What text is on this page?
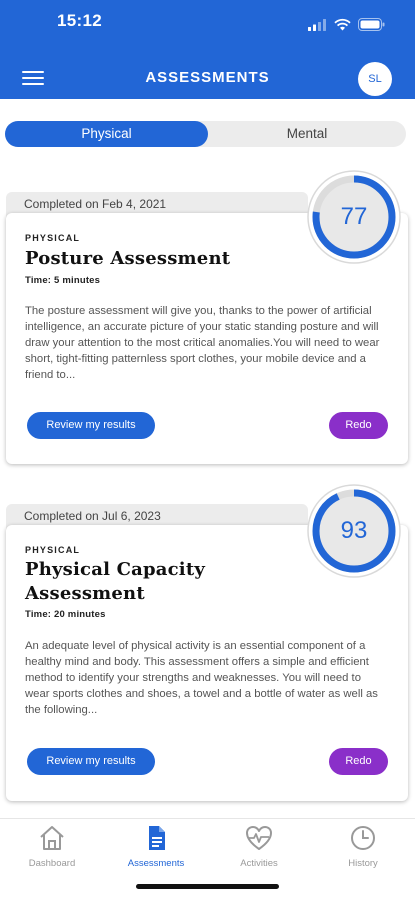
15:12
ASSESSMENTS	SL
Physical	Mental
Completed on Feb 4, 2021
PHYSICAL
Posture Assessment
Time: 5 minutes
The posture assessment will give you, thanks to the power of artificial intelligence, an accurate picture of your static standing posture and will draw your attention to the most critical anomalies.You will need to wear short, tight-fitting patternless sport clothes, your mobile device and a friend to...
Review my results	Redo
77
Completed on Jul 6, 2023
PHYSICAL
Physical Capacity Assessment
Time: 20 minutes
An adequate level of physical activity is an essential component of a healthy mind and body. This assessment offers a simple and efficient method to identify your strengths and weaknesses. You will need to wear sports clothes and shoes, a towel and a bottle of water as well as the following...
Review my results	Redo
93
Dashboard	Assessments	Activities	History
